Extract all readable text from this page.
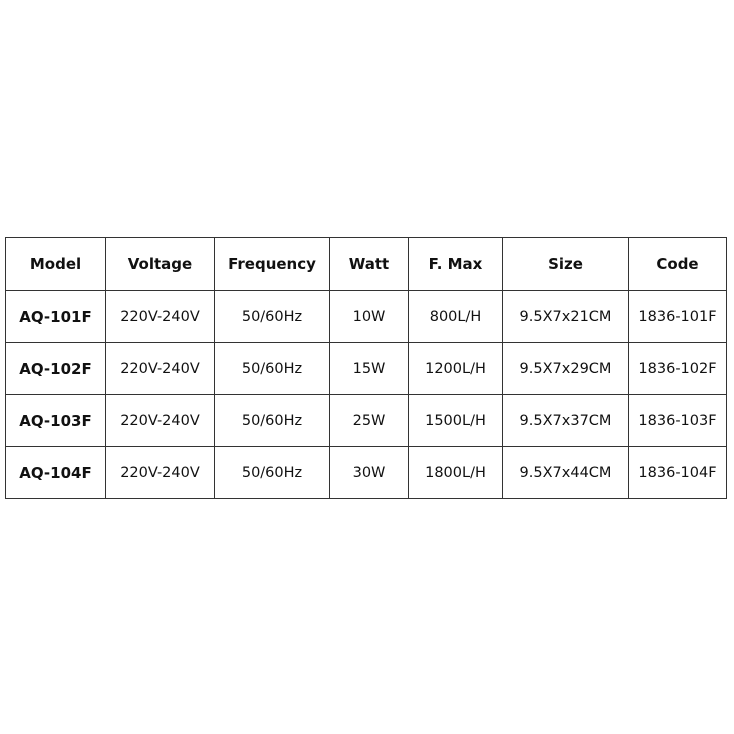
Model	Voltage	Frequency	Watt	F. Max	Size	Code
AQ-101F	220V-240V	50/60Hz	10W	800L/H	9.5X7x21CM	1836-101F
AQ-102F	220V-240V	50/60Hz	15W	1200L/H	9.5X7x29CM	1836-102F
AQ-103F	220V-240V	50/60Hz	25W	1500L/H	9.5X7x37CM	1836-103F
AQ-104F	220V-240V	50/60Hz	30W	1800L/H	9.5X7x44CM	1836-104F
